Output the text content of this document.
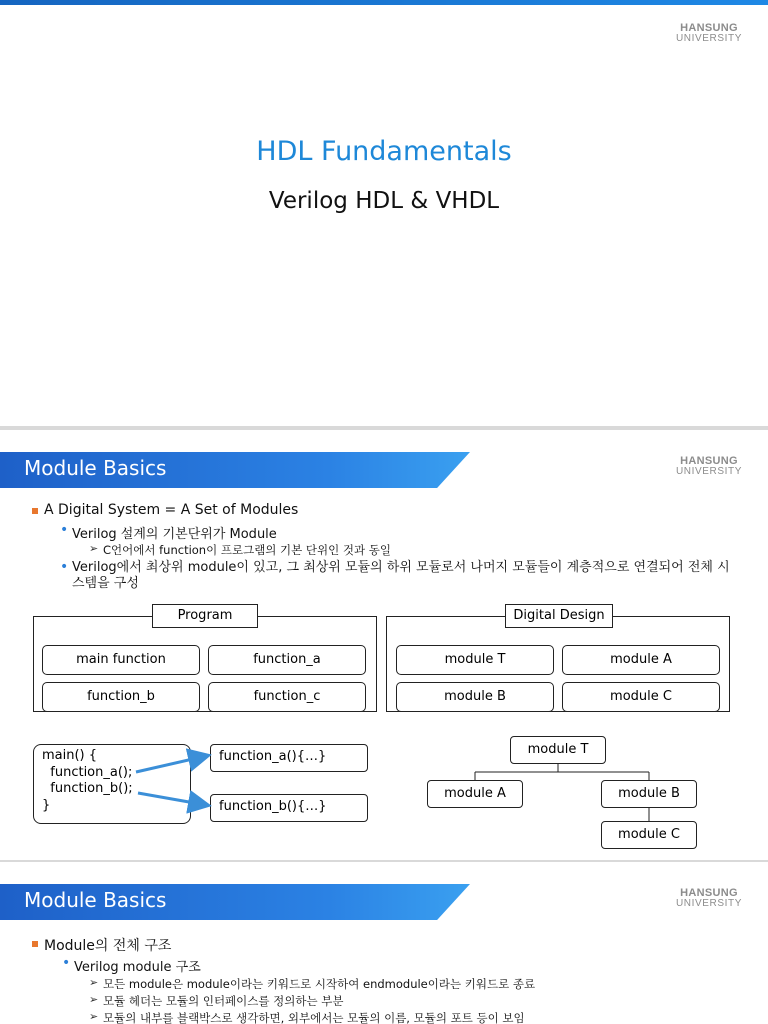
HANSUNG
UNIVERSITY
HDL Fundamentals
Verilog HDL & VHDL
Module Basics	HANSUNG
UNIVERSITY
A Digital System = A Set of Modules
• Verilog 설계의 기본단위가 Module
➢ C언어에서 function이 프로그램의 기본 단위인 것과 동일
• Verilog에서 최상위 module이 있고, 그 최상위 모듈의 하위 모듈로서 나머지 모듈들이 계층적으로 연결되어 전체 시스템을 구성
Program
main function	function_a
function_b	function_c
Digital Design
module T	module A
module B	module C
main() {
function_a();
function_b();
}
function_a(){…}
function_b(){…}
module T
module A	module B
module C
Module Basics	HANSUNG
UNIVERSITY
Module의 전체 구조
• Verilog module 구조
➢ 모든 module은 module이라는 키워드로 시작하여 endmodule이라는 키워드로 종료
➢ 모듈 헤더는 모듈의 인터페이스를 정의하는 부분
➢ 모듈의 내부를 블랙박스로 생각하면, 외부에서는 모듈의 이름, 모듈의 포트 등이 보임
